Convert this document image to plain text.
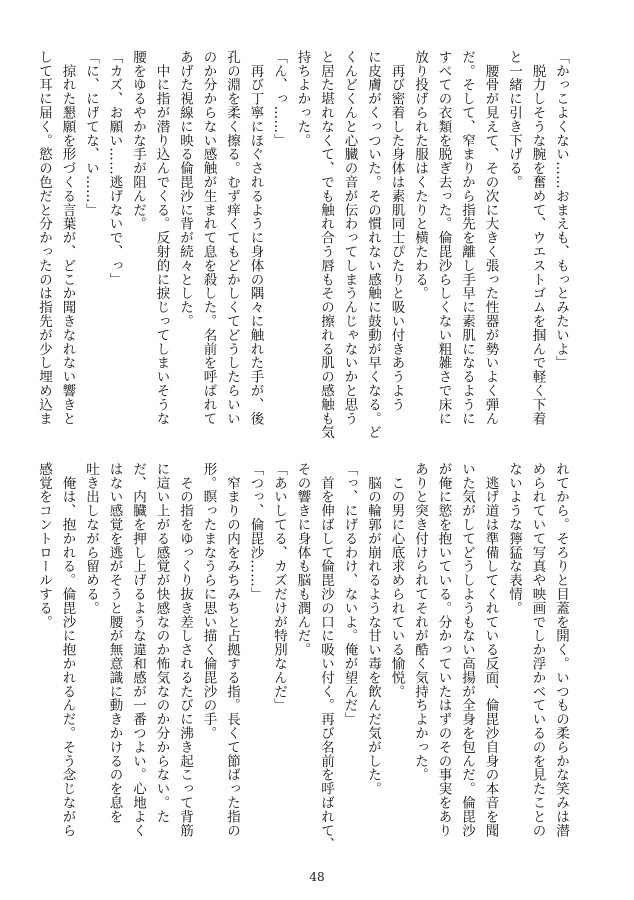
「かっこよくない……おまえも、もっとみたいよ」
　脱力しそうな腕を奮めて、ウエストゴムを掴んで軽く下着
と一緒に引き下げる。
　腰骨が見えて、その次に大きく張った性器が勢いよく弾ん
だ。そして、窄まりから指先を離し手早に素肌になるように
すべての衣類を脱ぎ去った。倫毘沙らしくない粗雑さで床に
放り投げられた服はくたりと横たわる。
　再び密着した身体は素肌同士ぴたりと吸い付きあうよう
に皮膚がくっついた。その慣れない感触に鼓動が早くなる。ど
くんどくんと心臓の音が伝わってしまうんじゃないかと思う
と居た堪れなくて、でも触れ合う唇もその擦れる肌の感触も気
持ちよかった。
「ん、っ……」
　再び丁寧にほぐされるように身体の隅々に触れた手が、後
孔の淵を柔く擦る。むず痒くてもどかしくてどうしたらいい
のか分からない感触が生まれて息を殺した。名前を呼ばれて
あげた視線に映る倫毘沙に背が続々とした。
　中に指が潜り込んでくる。反射的に捩じってしまいそうな
腰をゆるやかな手が阻んだ。
「カズ、お願い……逃げないで、っ」
「に、にげてな、い……」
　掠れた懇願を形づくる言葉が、どこか聞きなれない響きと
して耳に届く。慾の色だと分かったのは指先が少し埋め込ま
れてから。そろりと目蓋を開く。いつもの柔らかな笑みは潜
められていて写真や映画でしか浮かべているのを見たことの
ないような獰猛な表情。
　逃げ道は準備してくれている反面、倫毘沙自身の本音を聞
いた気がしてどうしようもない高揚が全身を包んだ。倫毘沙
が俺に慾を抱いている。分かっていたはずのその事実をあり
ありと突き付けられてそれが酷く気持ちよかった。
　この男に心底求められている愉悦。
　脳の輪郭が崩れるような甘い毒を飲んだ気がした。
「っ、にげるわけ、ないよ。俺が望んだ」
　首を伸ばして倫毘沙の口に吸い付く。再び名前を呼ばれて、
その響きに身体も脳も潤んだ。
「あいしてる、カズだけが特別なんだ」
「つっ、倫毘沙……」
　窄まりの内をみちみちと占拠する指。長くて節ばった指の
形。瞑ったまなうらに思い描く倫毘沙の手。
　その指をゆっくり抜き差しされるたびに沸き起こって背筋
に這い上がる感覚が快感なのか怖気なのか分からない。た
だ、内臓を押し上げるような違和感が一番つよい。心地よく
はない感覚を逃がそうと腰が無意識に動きかけるのを息を
吐き出しながら留める。
　俺は、抱かれる。倫毘沙に抱かれるんだ。そう念じながら
感覚をコントロールする。
48
